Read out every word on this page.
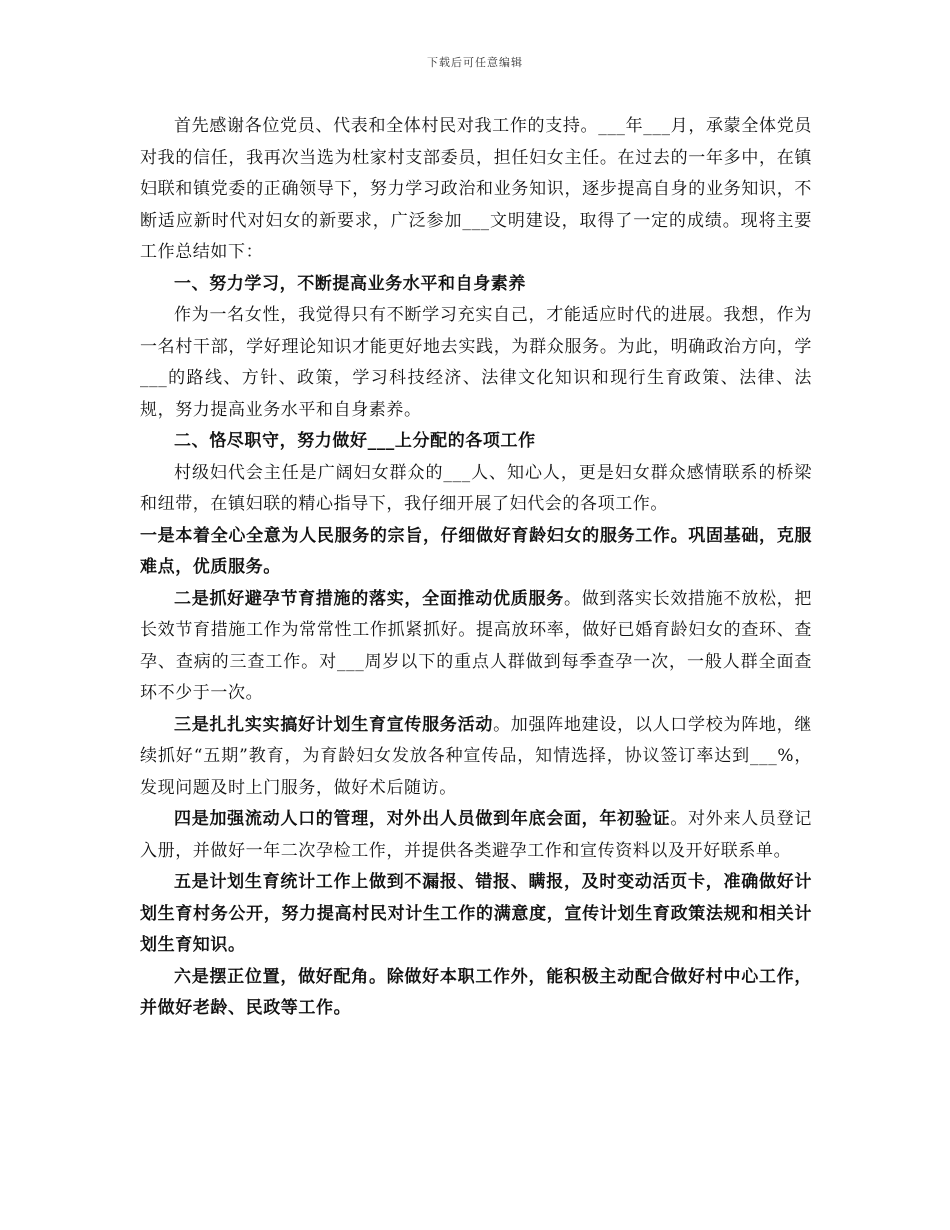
下载后可任意编辑

首先感谢各位党员、代表和全体村民对我工作的支持。___年___月，承蒙全体党员对我的信任，我再次当选为杜家村支部委员，担任妇女主任。在过去的一年多中，在镇妇联和镇党委的正确领导下，努力学习政治和业务知识，逐步提高自身的业务知识，不断适应新时代对妇女的新要求，广泛参加___文明建设，取得了一定的成绩。现将主要工作总结如下：

一、努力学习，不断提高业务水平和自身素养

作为一名女性，我觉得只有不断学习充实自己，才能适应时代的进展。我想，作为一名村干部，学好理论知识才能更好地去实践，为群众服务。为此，明确政治方向，学___的路线、方针、政策，学习科技经济、法律文化知识和现行生育政策、法律、法规，努力提高业务水平和自身素养。

二、恪尽职守，努力做好___上分配的各项工作

村级妇代会主任是广阔妇女群众的___人、知心人，更是妇女群众感情联系的桥梁和纽带，在镇妇联的精心指导下，我仔细开展了妇代会的各项工作。

一是本着全心全意为人民服务的宗旨，仔细做好育龄妇女的服务工作。巩固基础，克服难点，优质服务。

二是抓好避孕节育措施的落实，全面推动优质服务。做到落实长效措施不放松，把长效节育措施工作为常常性工作抓紧抓好。提高放环率，做好已婚育龄妇女的查环、查孕、查病的三查工作。对___周岁以下的重点人群做到每季查孕一次，一般人群全面查环不少于一次。

三是扎扎实实搞好计划生育宣传服务活动。加强阵地建设，以人口学校为阵地，继续抓好“五期”教育，为育龄妇女发放各种宣传品，知情选择，协议签订率达到___%，发现问题及时上门服务，做好术后随访。

四是加强流动人口的管理，对外出人员做到年底会面，年初验证。对外来人员登记入册，并做好一年二次孕检工作，并提供各类避孕工作和宣传资料以及开好联系单。

五是计划生育统计工作上做到不漏报、错报、瞒报，及时变动活页卡，准确做好计划生育村务公开，努力提高村民对计生工作的满意度，宣传计划生育政策法规和相关计划生育知识。

六是摆正位置，做好配角。除做好本职工作外，能积极主动配合做好村中心工作，并做好老龄、民政等工作。
